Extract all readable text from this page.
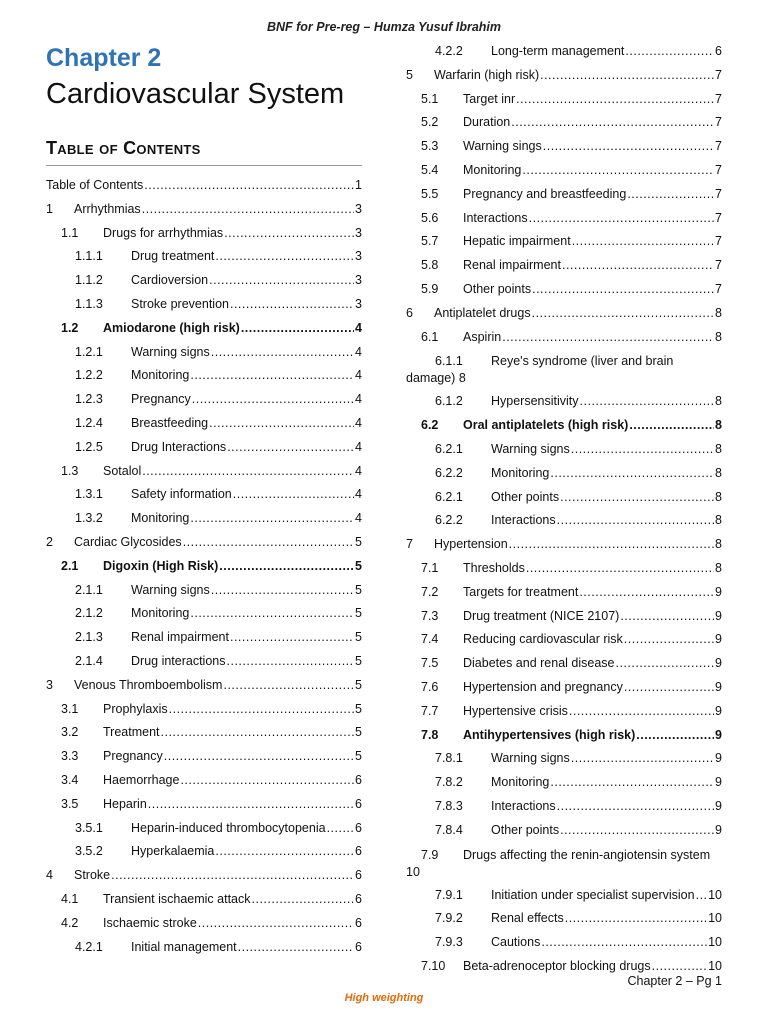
BNF for Pre-reg – Humza Yusuf Ibrahim
Chapter 2
Cardiovascular System
Table of Contents
Table of Contents .....	1
1	Arrhythmias .....	3
1.1	Drugs for arrhythmias .....	3
1.1.1	Drug treatment .....	3
1.1.2	Cardioversion .....	3
1.1.3	Stroke prevention .....	3
1.2	Amiodarone (high risk) .....	4
1.2.1	Warning signs .....	4
1.2.2	Monitoring .....	4
1.2.3	Pregnancy .....	4
1.2.4	Breastfeeding .....	4
1.2.5	Drug Interactions .....	4
1.3	Sotalol .....	4
1.3.1	Safety information .....	4
1.3.2	Monitoring .....	4
2	Cardiac Glycosides .....	5
2.1	Digoxin (High Risk) .....	5
2.1.1	Warning signs .....	5
2.1.2	Monitoring .....	5
2.1.3	Renal impairment .....	5
2.1.4	Drug interactions .....	5
3	Venous Thromboembolism .....	5
3.1	Prophylaxis .....	5
3.2	Treatment .....	5
3.3	Pregnancy .....	5
3.4	Haemorrhage .....	6
3.5	Heparin .....	6
3.5.1	Heparin-induced thrombocytopenia ..... 6
3.5.2	Hyperkalaemia .....	6
4	Stroke .....	6
4.1	Transient ischaemic attack .....	6
4.2	Ischaemic stroke .....	6
4.2.1	Initial management .....	6
4.2.2	Long-term management .....	6
5	Warfarin (high risk) .....	7
5.1	Target inr .....	7
5.2	Duration .....	7
5.3	Warning sings .....	7
5.4	Monitoring .....	7
5.5	Pregnancy and breastfeeding .....	7
5.6	Interactions .....	7
5.7	Hepatic impairment .....	7
5.8	Renal impairment .....	7
5.9	Other points .....	7
6	Antiplatelet drugs .....	8
6.1	Aspirin .....	8
6.1.1 Reye's syndrome (liver and brain damage) 8
6.1.2	Hypersensitivity .....	8
6.2	Oral antiplatelets (high risk) .....	8
6.2.1	Warning signs .....	8
6.2.2	Monitoring .....	8
6.2.1	Other points .....	8
6.2.2	Interactions .....	8
7	Hypertension .....	8
7.1	Thresholds .....	8
7.2	Targets for treatment .....	9
7.3	Drug treatment (NICE 2107) .....	9
7.4	Reducing cardiovascular risk .....	9
7.5	Diabetes and renal disease .....	9
7.6	Hypertension and pregnancy .....	9
7.7	Hypertensive crisis .....	9
7.8	Antihypertensives (high risk) .....	9
7.8.1	Warning signs .....	9
7.8.2	Monitoring .....	9
7.8.3	Interactions .....	9
7.8.4	Other points .....	9
7.9 Drugs affecting the renin-angiotensin system 10
7.9.1	Initiation under specialist supervision ..... 10
7.9.2	Renal effects .....	10
7.9.3	Cautions .....	10
7.10	Beta-adrenoceptor blocking drugs .....	10
Chapter 2 – Pg 1
High weighting
